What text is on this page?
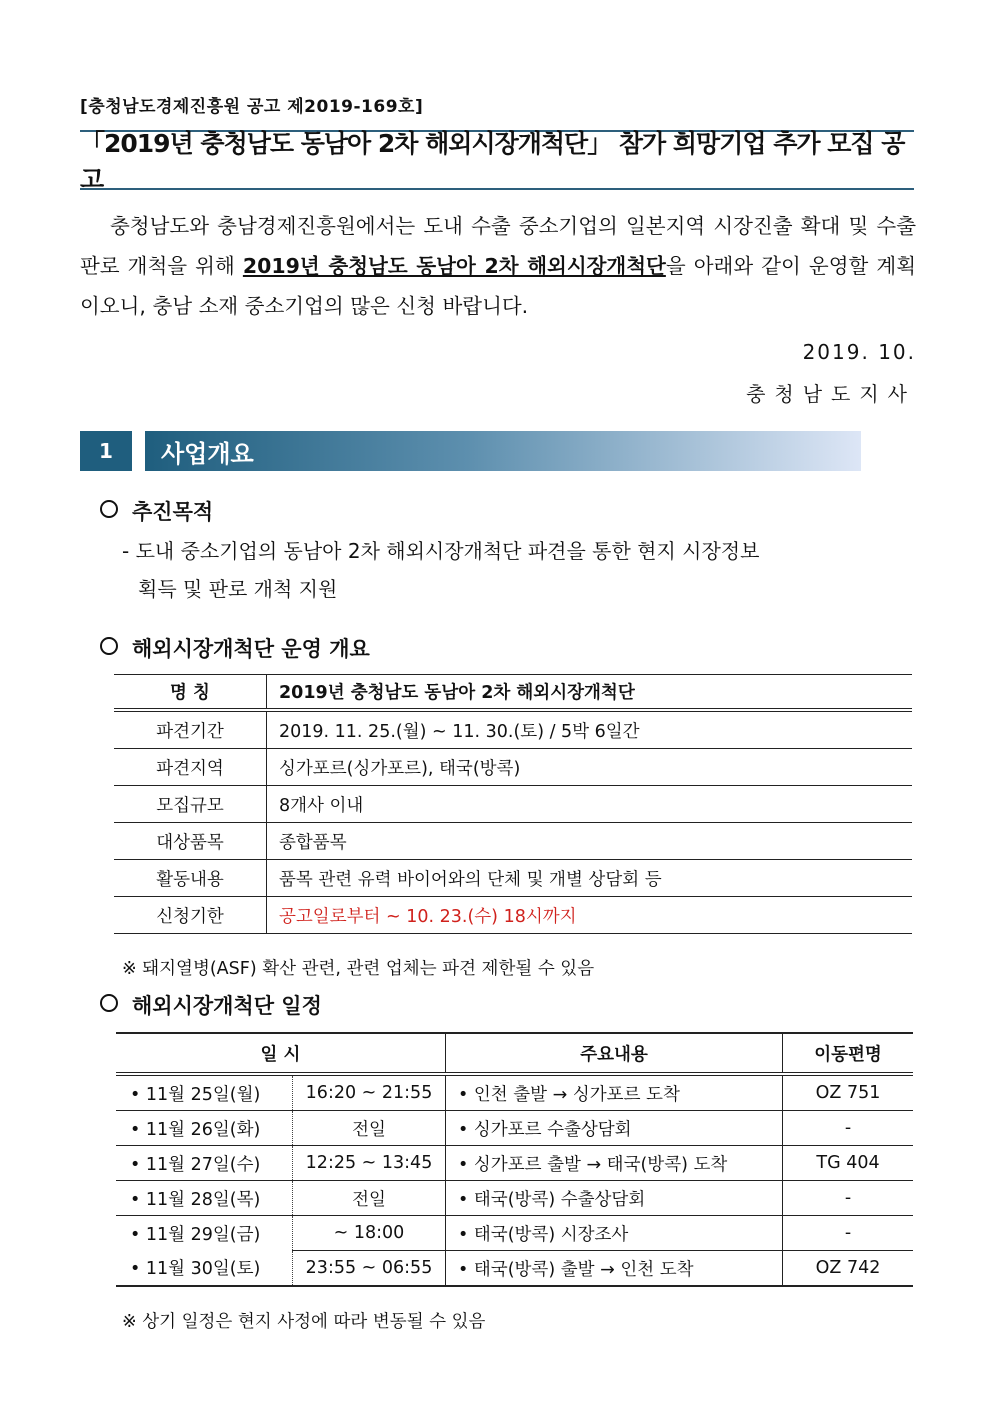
[충청남도경제진흥원 공고 제2019-169호]
「2019년 충청남도 동남아 2차 해외시장개척단」 참가 희망기업 추가 모집 공고
충청남도와 충남경제진흥원에서는 도내 수출 중소기업의 일본지역 시장진출 확대 및 수출판로 개척을 위해 2019년 충청남도 동남아 2차 해외시장개척단을 아래와 같이 운영할 계획이오니, 충남 소재 중소기업의 많은 신청 바랍니다.
2019. 10.
충청남도지사
1	사업개요
추진목적
- 도내 중소기업의 동남아 2차 해외시장개척단 파견을 통한 현지 시장정보
획득 및 판로 개척 지원
해외시장개척단 운영 개요
명 칭	2019년 충청남도 동남아 2차 해외시장개척단
파견기간	2019. 11. 25.(월) ~ 11. 30.(토) / 5박 6일간
파견지역	싱가포르(싱가포르), 태국(방콕)
모집규모	8개사 이내
대상품목	종합품목
활동내용	품목 관련 유력 바이어와의 단체 및 개별 상담회 등
신청기한	공고일로부터 ~ 10. 23.(수) 18시까지
※ 돼지열병(ASF) 확산 관련, 관련 업체는 파견 제한될 수 있음
해외시장개척단 일정
일 시		주요내용	이동편명
• 11월 25일(월)	16:20 ~ 21:55	• 인천 출발 → 싱가포르 도착	OZ 751
• 11월 26일(화)	전일	• 싱가포르 수출상담회	-
• 11월 27일(수)	12:25 ~ 13:45	• 싱가포르 출발 → 태국(방콕) 도착	TG 404
• 11월 28일(목)	전일	• 태국(방콕) 수출상담회	-
• 11월 29일(금)	~ 18:00	• 태국(방콕) 시장조사	-
• 11월 30일(토)	23:55 ~ 06:55	• 태국(방콕) 출발 → 인천 도착	OZ 742
※ 상기 일정은 현지 사정에 따라 변동될 수 있음
